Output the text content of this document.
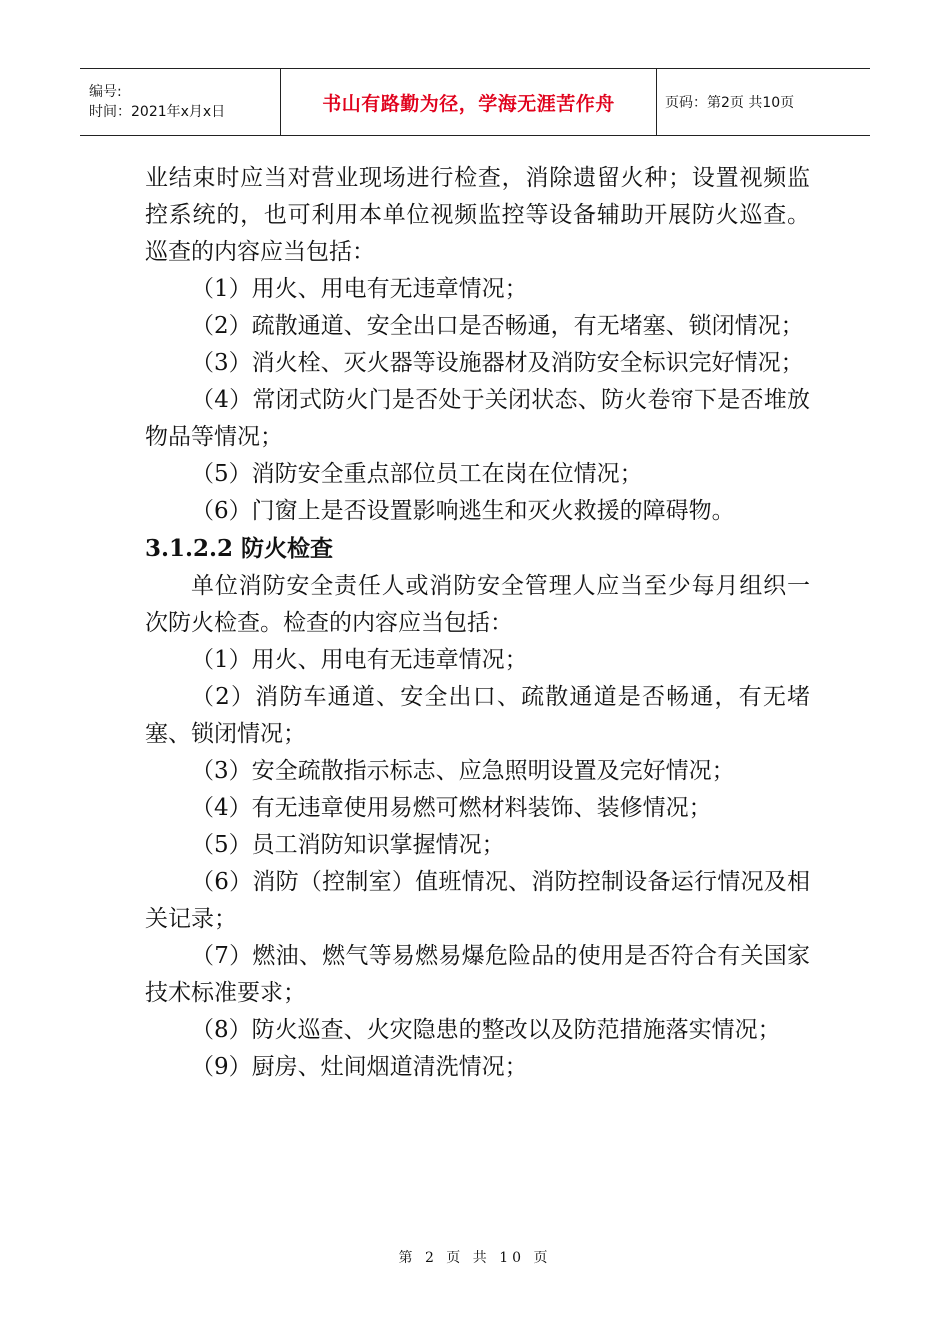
编号:
时间：2021年x月x日	书山有路勤为径，学海无涯苦作舟	页码：第2页 共10页

业结束时应当对营业现场进行检查，消除遗留火种；设置视频监控系统的，也可利用本单位视频监控等设备辅助开展防火巡查。巡查的内容应当包括：

（1）用火、用电有无违章情况；

（2）疏散通道、安全出口是否畅通，有无堵塞、锁闭情况；

（3）消火栓、灭火器等设施器材及消防安全标识完好情况；

（4）常闭式防火门是否处于关闭状态、防火卷帘下是否堆放物品等情况；

（5）消防安全重点部位员工在岗在位情况；

（6）门窗上是否设置影响逃生和灭火救援的障碍物。

3.1.2.2 防火检查

单位消防安全责任人或消防安全管理人应当至少每月组织一次防火检查。检查的内容应当包括：

（1）用火、用电有无违章情况；

（2）消防车通道、安全出口、疏散通道是否畅通，有无堵塞、锁闭情况；

（3）安全疏散指示标志、应急照明设置及完好情况；

（4）有无违章使用易燃可燃材料装饰、装修情况；

（5）员工消防知识掌握情况；

（6）消防（控制室）值班情况、消防控制设备运行情况及相关记录；

（7）燃油、燃气等易燃易爆危险品的使用是否符合有关国家技术标准要求；

（8）防火巡查、火灾隐患的整改以及防范措施落实情况；

（9）厨房、灶间烟道清洗情况；

第 2 页 共 10 页
